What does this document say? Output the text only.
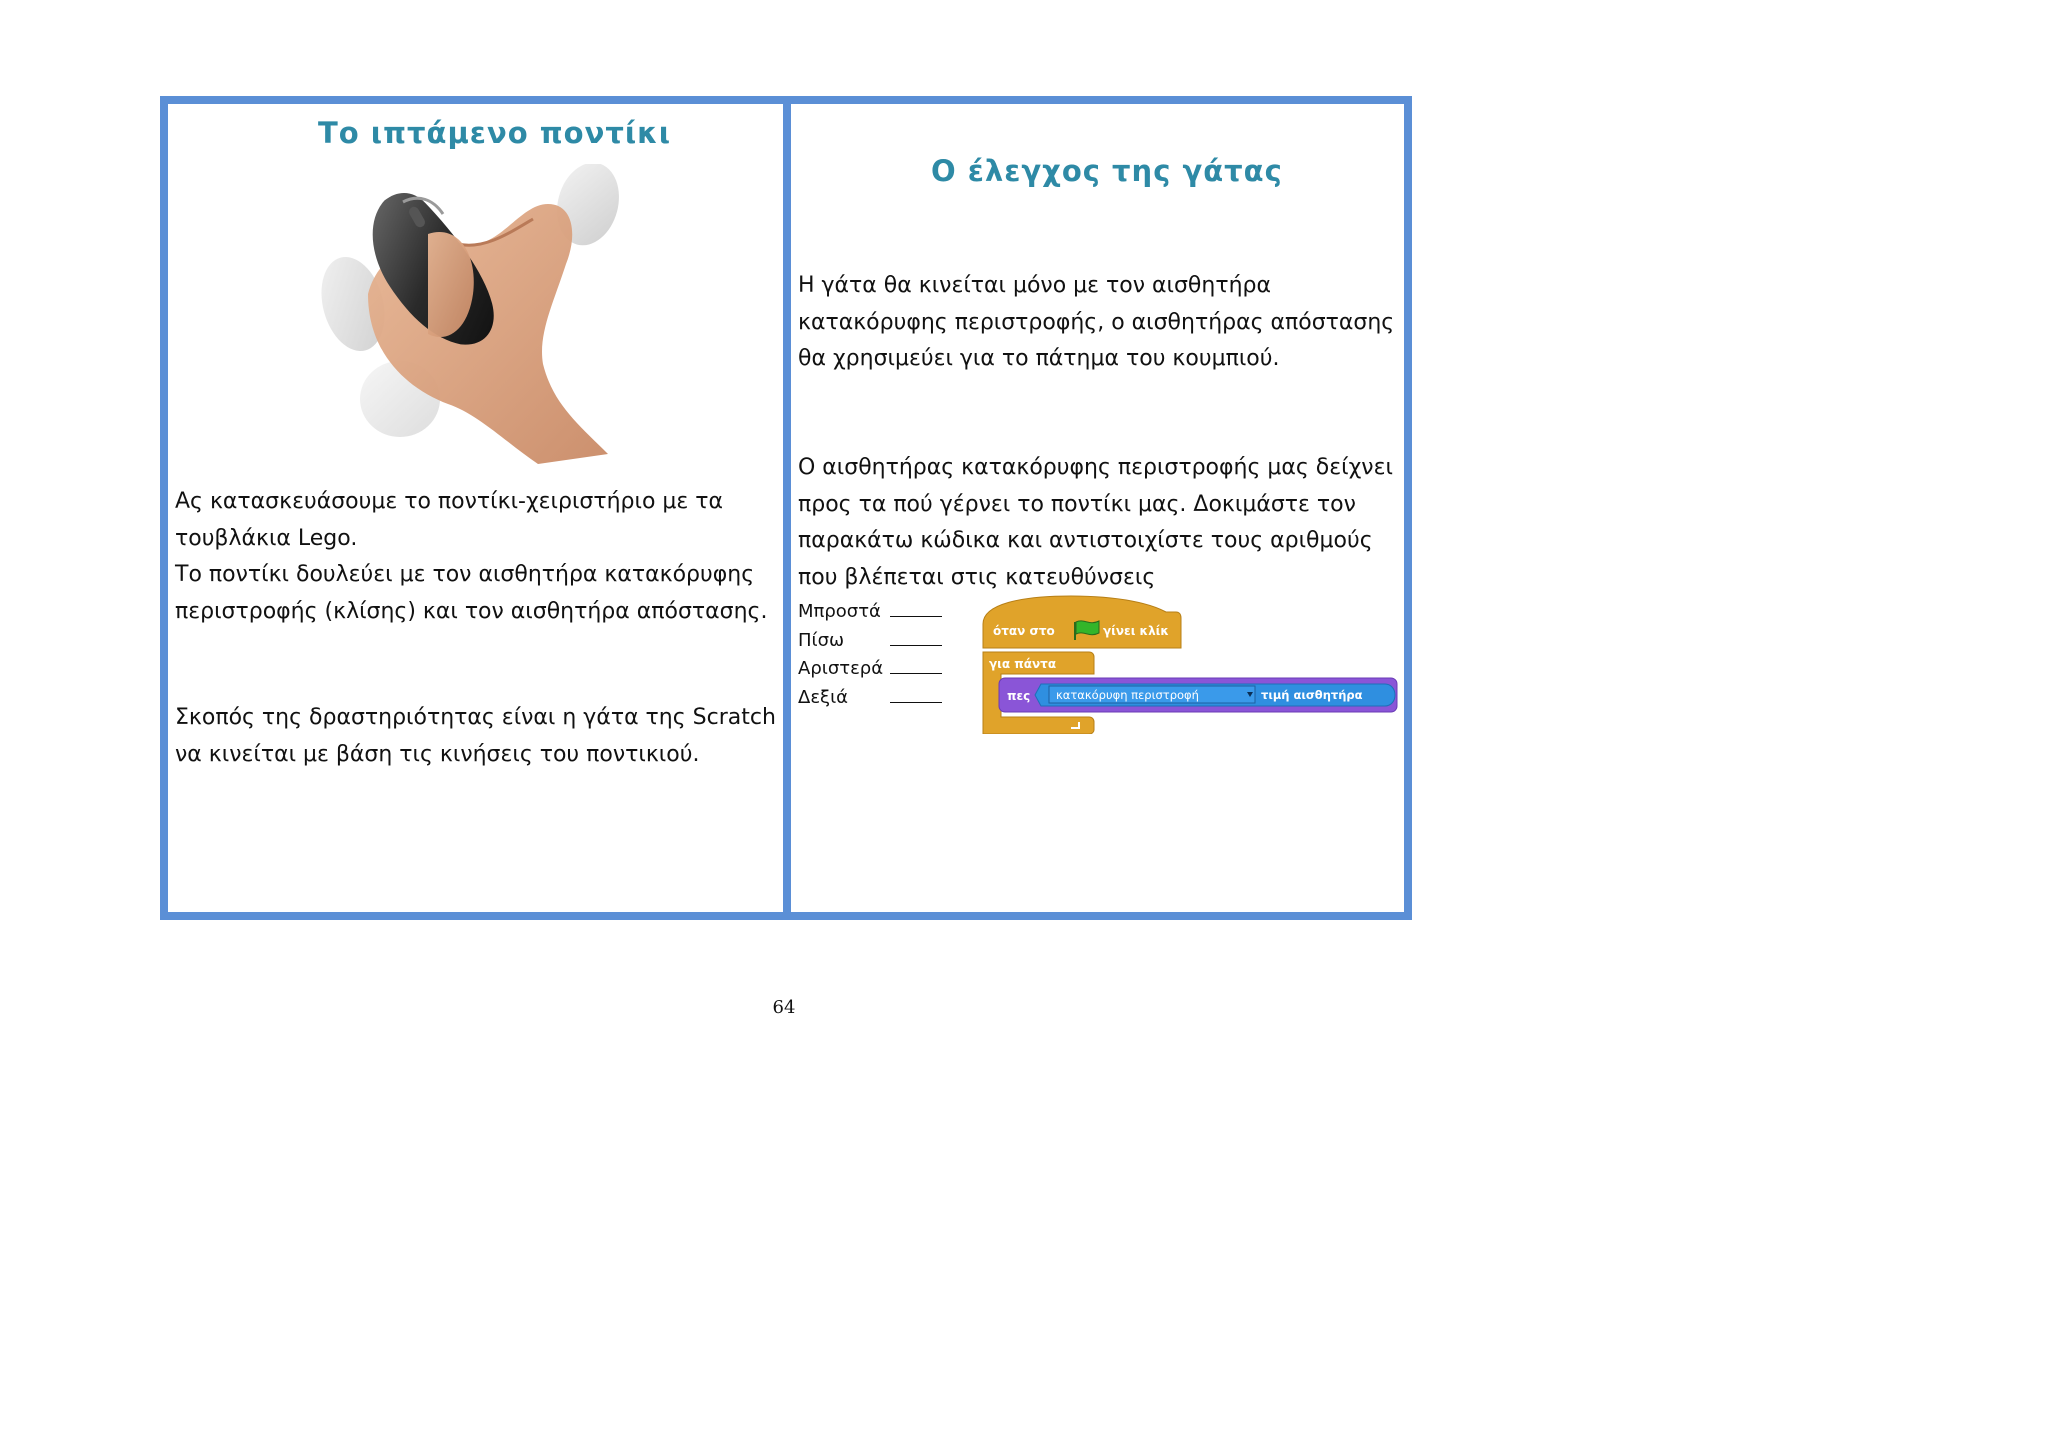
Το ιπτάμενο ποντίκι
Ας κατασκευάσουμε το ποντίκι-χειριστήριο με τα τουβλάκια Lego.
Το ποντίκι δουλεύει με τον αισθητήρα κατακόρυφης περιστροφής (κλίσης) και τον αισθητήρα απόστασης.
Σκοπός της δραστηριότητας είναι η γάτα της Scratch να κινείται με βάση τις κινήσεις του ποντικιού.
Ο έλεγχος της γάτας
Η γάτα θα κινείται μόνο με τον αισθητήρα κατακόρυφης περιστροφής, ο αισθητήρας απόστασης θα χρησιμεύει για το πάτημα του κουμπιού.
Ο αισθητήρας κατακόρυφης περιστροφής μας δείχνει προς τα πού γέρνει το ποντίκι μας. Δοκιμάστε τον παρακάτω κώδικα και αντιστοιχίστε τους αριθμούς που βλέπεται στις κατευθύνσεις
Μπροστά
Πίσω
Αριστερά
Δεξιά
όταν στο	γίνει κλίκ
για πάντα
πες κατακόρυφη περιστροφή	τιμή αισθητήρα
64
